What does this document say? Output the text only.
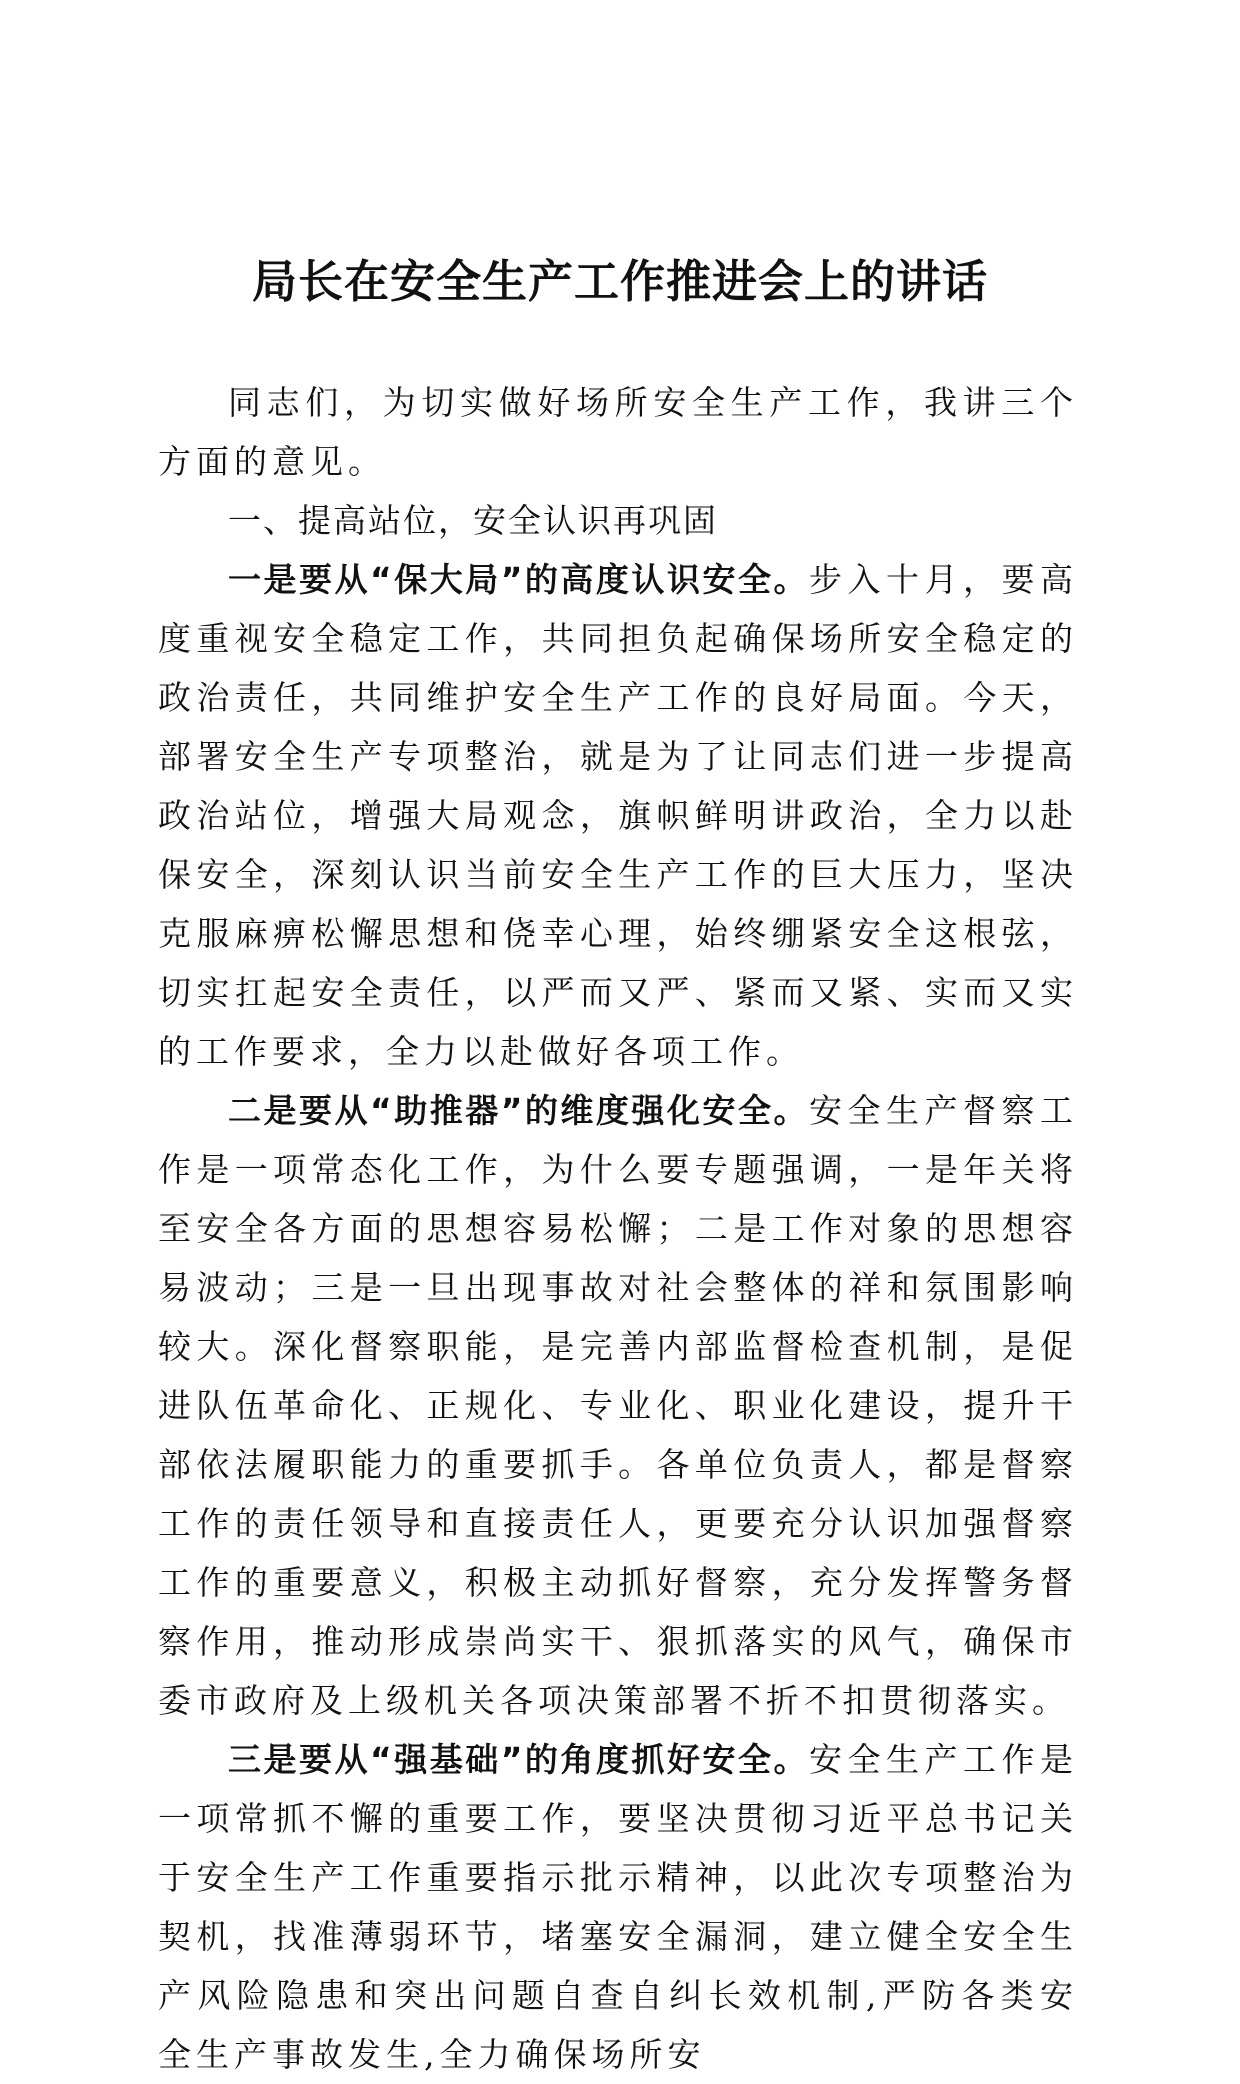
局长在安全生产工作推进会上的讲话

同志们，为切实做好场所安全生产工作，我讲三个方面的意见。

一、提高站位，安全认识再巩固

一是要从“保大局”的高度认识安全。步入十月，要高度重视安全稳定工作，共同担负起确保场所安全稳定的政治责任，共同维护安全生产工作的良好局面。今天，部署安全生产专项整治，就是为了让同志们进一步提高政治站位，增强大局观念，旗帜鲜明讲政治，全力以赴保安全，深刻认识当前安全生产工作的巨大压力，坚决克服麻痹松懈思想和侥幸心理，始终绷紧安全这根弦，切实扛起安全责任，以严而又严、紧而又紧、实而又实的工作要求，全力以赴做好各项工作。

二是要从“助推器”的维度强化安全。安全生产督察工作是一项常态化工作，为什么要专题强调，一是年关将至安全各方面的思想容易松懈；二是工作对象的思想容易波动；三是一旦出现事故对社会整体的祥和氛围影响较大。深化督察职能，是完善内部监督检查机制，是促进队伍革命化、正规化、专业化、职业化建设，提升干部依法履职能力的重要抓手。各单位负责人，都是督察工作的责任领导和直接责任人，更要充分认识加强督察工作的重要意义，积极主动抓好督察，充分发挥警务督察作用，推动形成崇尚实干、狠抓落实的风气，确保市委市政府及上级机关各项决策部署不折不扣贯彻落实。

三是要从“强基础”的角度抓好安全。安全生产工作是一项常抓不懈的重要工作，要坚决贯彻习近平总书记关于安全生产工作重要指示批示精神，以此次专项整治为契机，找准薄弱环节，堵塞安全漏洞，建立健全安全生产风险隐患和突出问题自查自纠长效机制,严防各类安全生产事故发生,全力确保场所安
